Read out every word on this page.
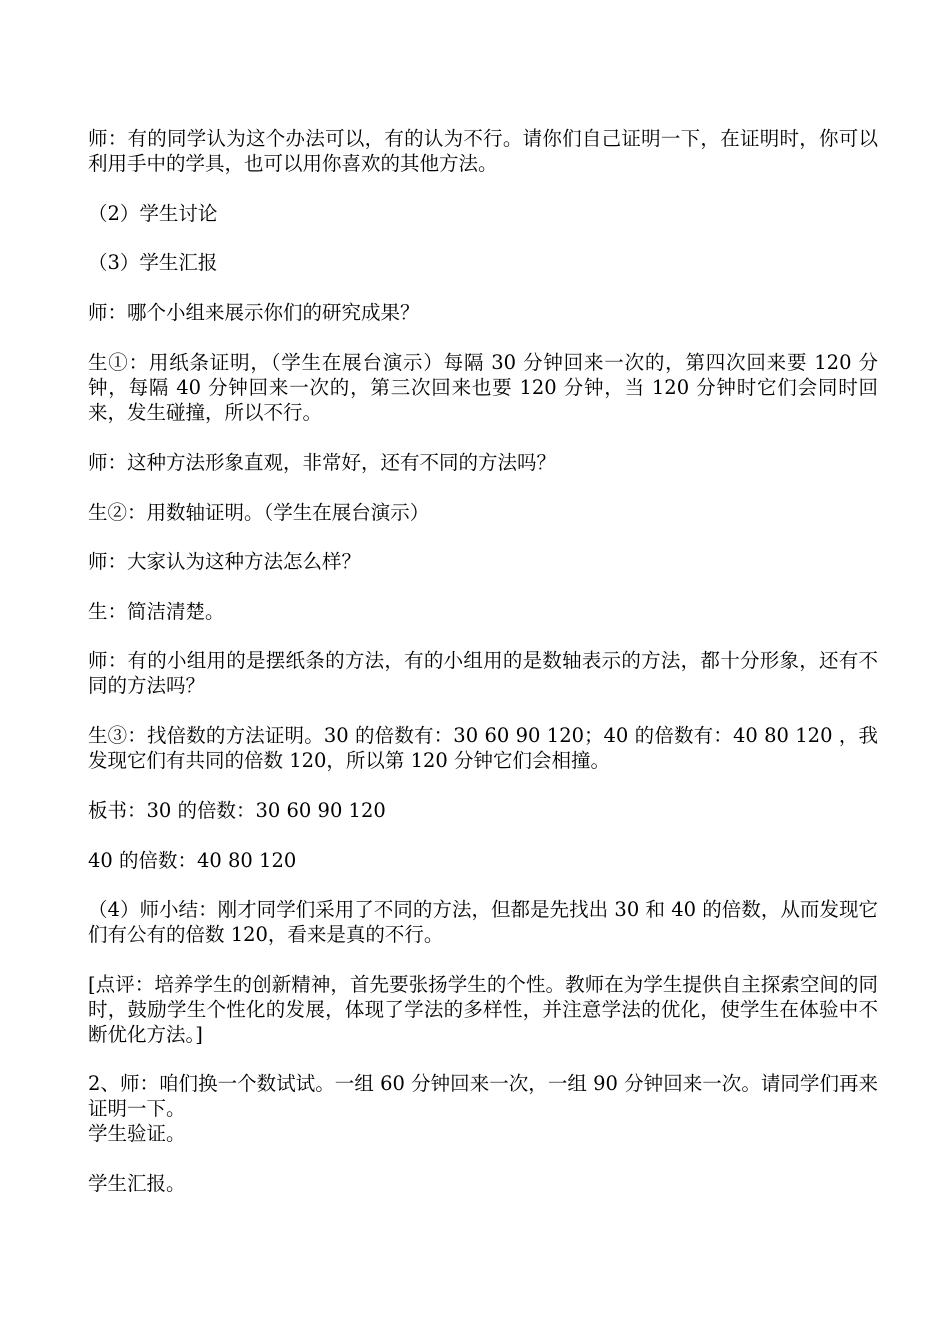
师：有的同学认为这个办法可以，有的认为不行。请你们自己证明一下，在证明时，你可以利用手中的学具，也可以用你喜欢的其他方法。
（2）学生讨论
（3）学生汇报
师：哪个小组来展示你们的研究成果？
生①：用纸条证明，（学生在展台演示）每隔 30 分钟回来一次的，第四次回来要 120 分钟，每隔 40 分钟回来一次的，第三次回来也要 120 分钟，当 120 分钟时它们会同时回来，发生碰撞，所以不行。
师：这种方法形象直观，非常好，还有不同的方法吗？
生②：用数轴证明。（学生在展台演示）
师：大家认为这种方法怎么样？
生：简洁清楚。
师：有的小组用的是摆纸条的方法，有的小组用的是数轴表示的方法，都十分形象，还有不同的方法吗？
生③：找倍数的方法证明。30 的倍数有：30 60 90 120；40 的倍数有：40 80 120 ，我发现它们有共同的倍数 120，所以第 120 分钟它们会相撞。
板书：30 的倍数：30 60 90 120
40 的倍数：40 80 120
（4）师小结：刚才同学们采用了不同的方法，但都是先找出 30 和 40 的倍数，从而发现它们有公有的倍数 120，看来是真的不行。
[点评：培养学生的创新精神，首先要张扬学生的个性。教师在为学生提供自主探索空间的同时，鼓励学生个性化的发展，体现了学法的多样性，并注意学法的优化，使学生在体验中不断优化方法。]
2、师：咱们换一个数试试。一组 60 分钟回来一次，一组 90 分钟回来一次。请同学们再来证明一下。
学生验证。
学生汇报。
